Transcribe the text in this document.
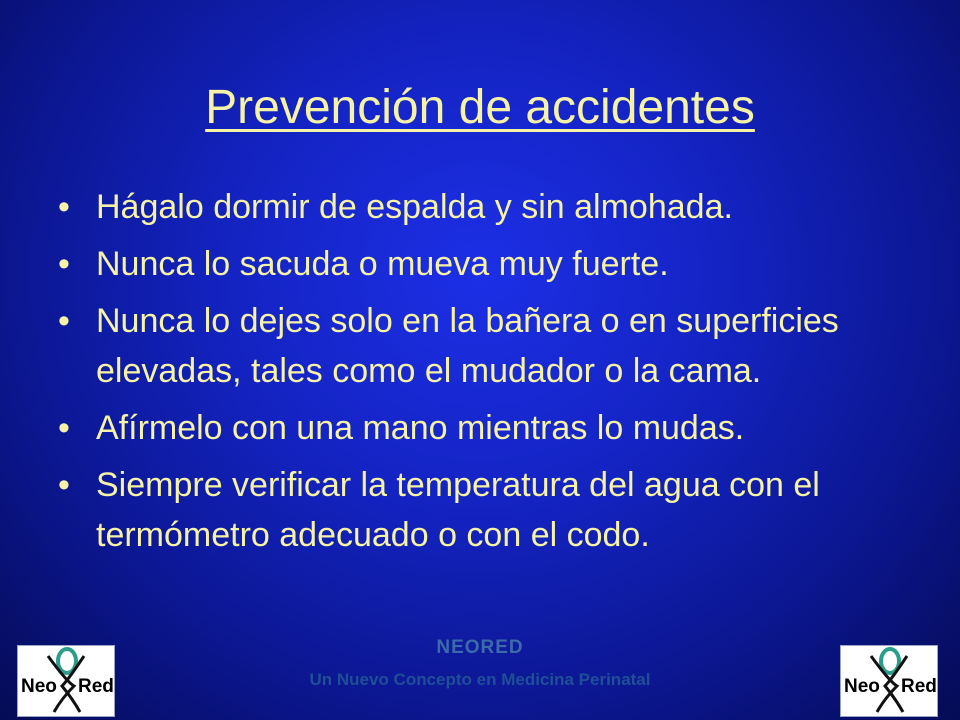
Prevención de accidentes
• Hágalo dormir de espalda y sin almohada.
• Nunca lo sacuda o mueva muy fuerte.
• Nunca lo dejes solo en la bañera o en superficies elevadas, tales como el mudador o la cama.
• Afírmelo con una mano mientras lo mudas.
• Siempre verificar la temperatura del agua con el termómetro adecuado o con el codo.
NEORED
Un Nuevo Concepto en Medicina Perinatal
Neo Red	Neo Red
